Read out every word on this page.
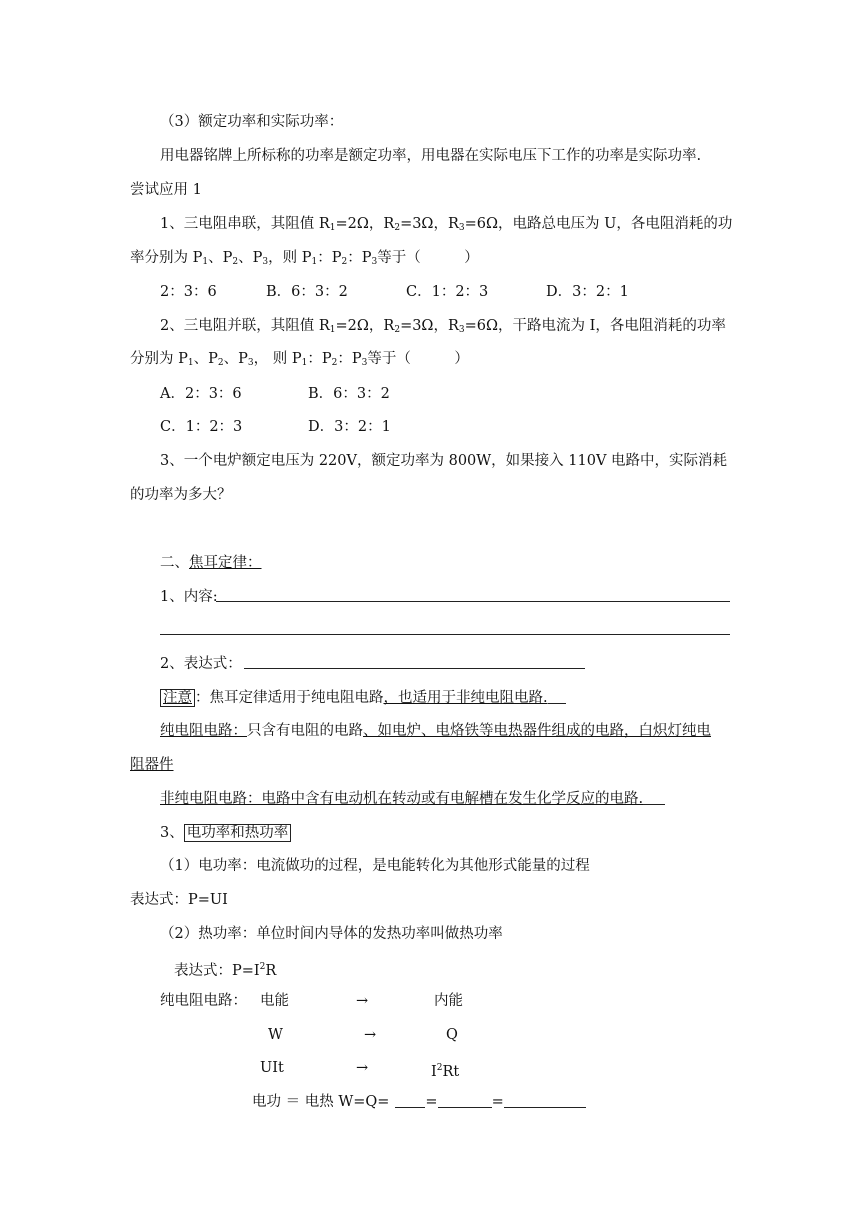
（3）额定功率和实际功率：
用电器铭牌上所标称的功率是额定功率，用电器在实际电压下工作的功率是实际功率.
尝试应用 1
1、三电阻串联，其阻值 $R_1=2\Omega$，$R_2=3\Omega$，$R_3=6\Omega$，电路总电压为 U，各电阻消耗的功
率分别为 $P_1$、$P_2$、$P_3$，则 $P_1$：$P_2$：$P_3$等于（　　　）
2：3：6	B．6：3：2	C．1：2：3	D．3：2：1
2、三电阻并联，其阻值 $R_1=2\Omega$，$R_2=3\Omega$，$R_3=6\Omega$，干路电流为 I，各电阻消耗的功率
分别为 $P_1$、$P_2$、$P_3$， 则 $P_1$：$P_2$：$P_3$等于（　　　）
A．2：3：6	B．6：3：2
C．1：2：3	D．3：2：1
3、一个电炉额定电压为 220V，额定功率为 800W，如果接入 110V 电路中，实际消耗
的功率为多大？
二、焦耳定律：
1、内容:
2、表达式：
注意 ：焦耳定律适用于纯电阻电路，也适用于非纯电阻电路.
纯电阻电路：只含有电阻的电路、如电炉、电烙铁等电热器件组成的电路，白炽灯纯电
阻器件
非纯电阻电路：电路中含有电动机在转动或有电解槽在发生化学反应的电路.
3、 电功率和热功率
（1）电功率：电流做功的过程，是电能转化为其他形式能量的过程
表达式：P=UI
（2）热功率：单位时间内导体的发热功率叫做热功率
表达式：$P=I^2R$
纯电阻电路： 电能	→	内能
W	→	Q
UIt	→	$I^2Rt$
电功 ＝ 电热 W=Q= =	=
